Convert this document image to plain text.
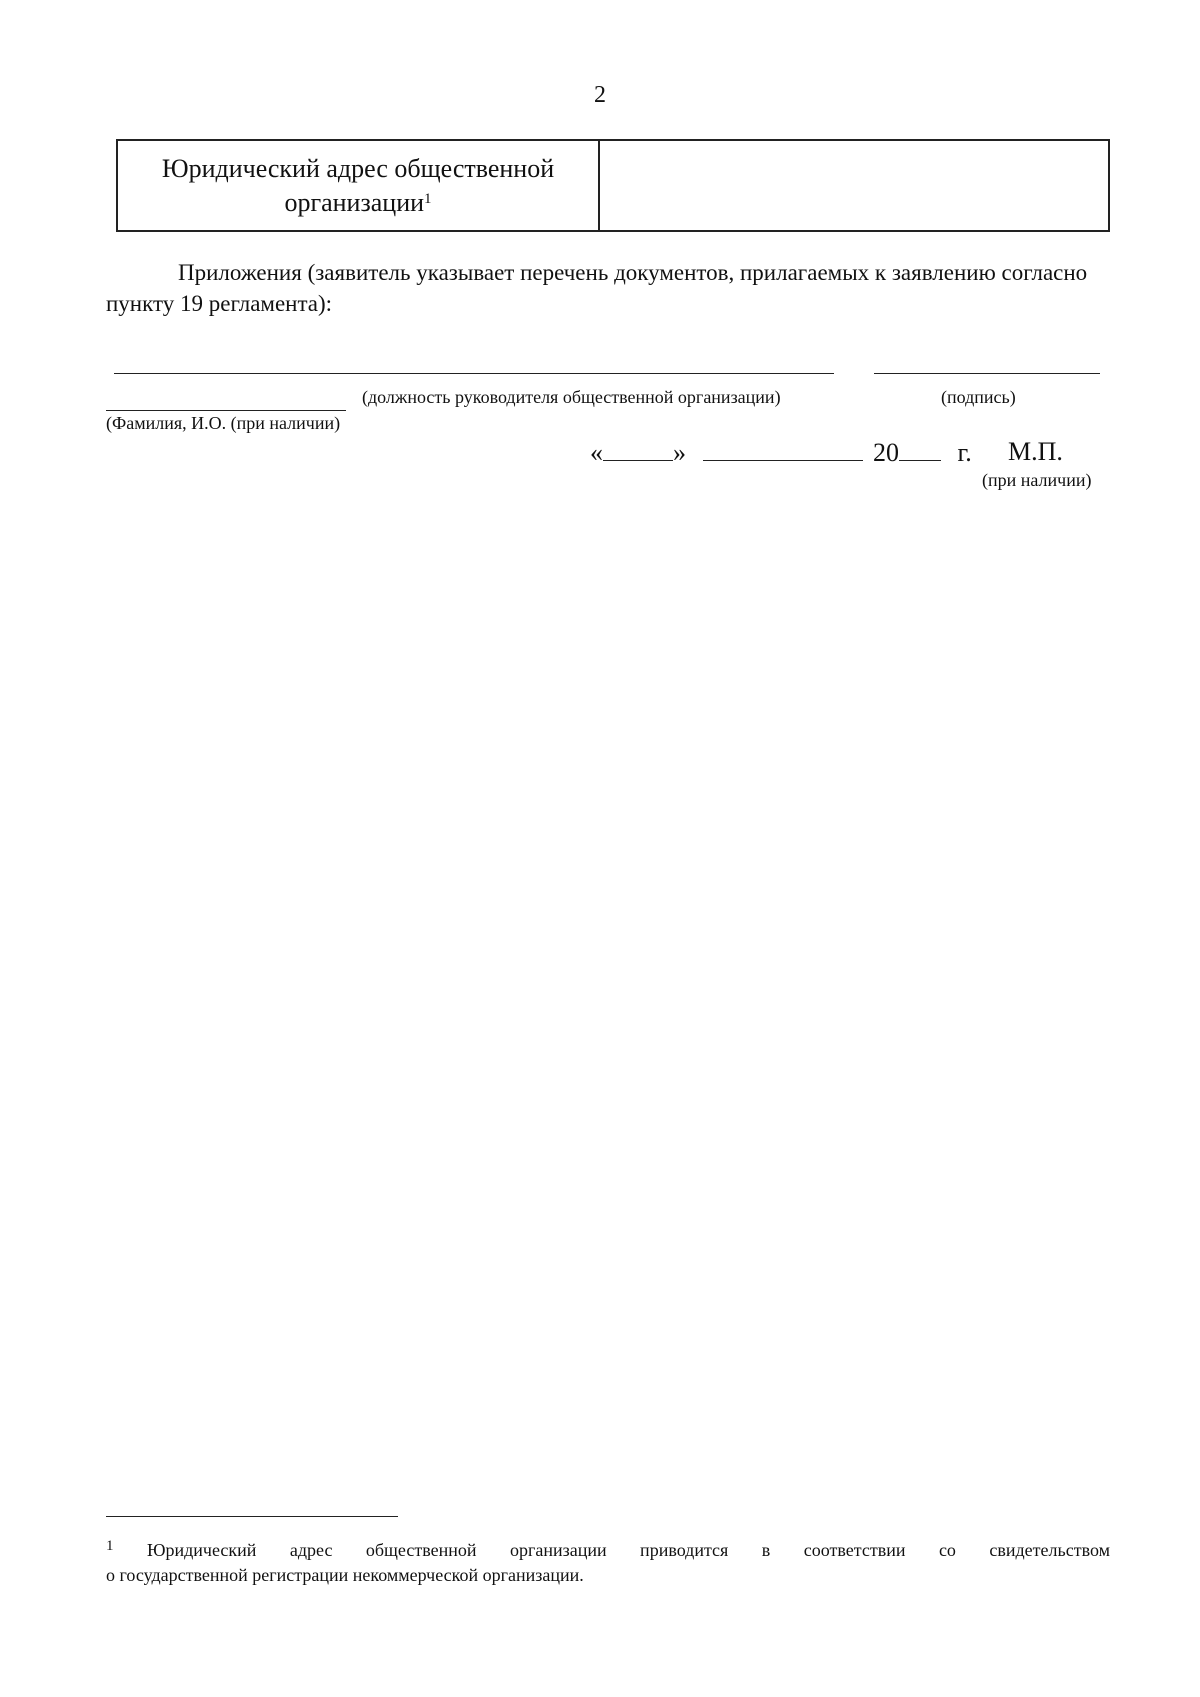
2
Юридический адрес общественной
организации$^1$
Приложения (заявитель указывает перечень документов, прилагаемых к заявлению согласно пункту 19 регламента):
(должность руководителя общественной организации)	(подпись)
(Фамилия, И.О. (при наличии)
«	»	20 г. М.П.
(при наличии)
$^1$ Юридический адрес общественной организации приводится в соответствии со свидетельством
о государственной регистрации некоммерческой организации.
